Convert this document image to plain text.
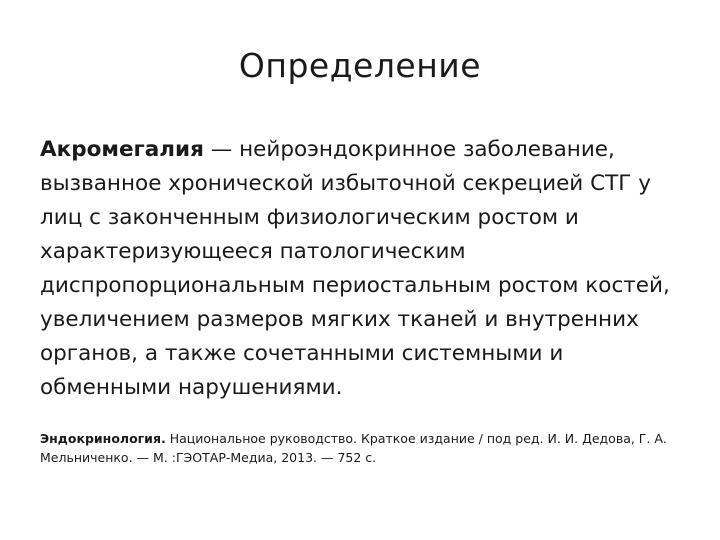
Определение

Акромегалия — нейроэндокринное заболевание, вызванное хронической избыточной секрецией СТГ у лиц с законченным физиологическим ростом и характеризующееся патологическим диспропорциональным периостальным ростом костей, увеличением размеров мягких тканей и внутренних органов, а также сочетанными системными и обменными нарушениями.

Эндокринология. Национальное руководство. Краткое издание / под ред. И. И. Дедова, Г. А. Мельниченко. — М. :ГЭОТАР-Медиа, 2013. — 752 с.
